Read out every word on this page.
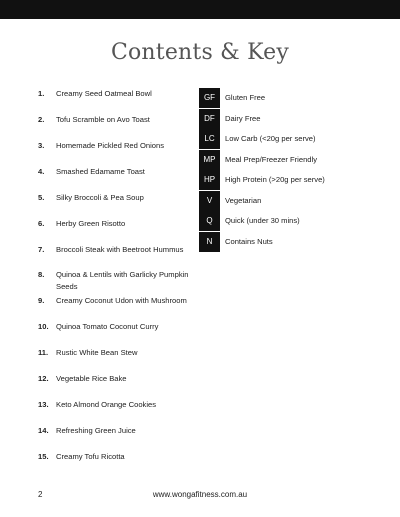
Contents & Key
1.	Creamy Seed Oatmeal Bowl
2.	Tofu Scramble on Avo Toast
3.	Homemade Pickled Red Onions
4.	Smashed Edamame Toast
5.	Silky Broccoli & Pea Soup
6.	Herby Green Risotto
7.	Broccoli Steak with Beetroot Hummus
8.	Quinoa & Lentils with Garlicky Pumpkin Seeds
9.	Creamy Coconut Udon with Mushroom
10. Quinoa Tomato Coconut Curry
11.	Rustic White Bean Stew
12. Vegetable Rice Bake
13. Keto Almond Orange Cookies
14. Refreshing Green Juice
15. Creamy Tofu Ricotta
GF	Gluten Free
DF	Dairy Free
LC	Low Carb (<20g per serve)
MP	Meal Prep/Freezer Friendly
HP	High Protein (>20g per serve)
V	Vegetarian
Q	Quick (under 30 mins)
N	Contains Nuts
2	www.wongafitness.com.au
